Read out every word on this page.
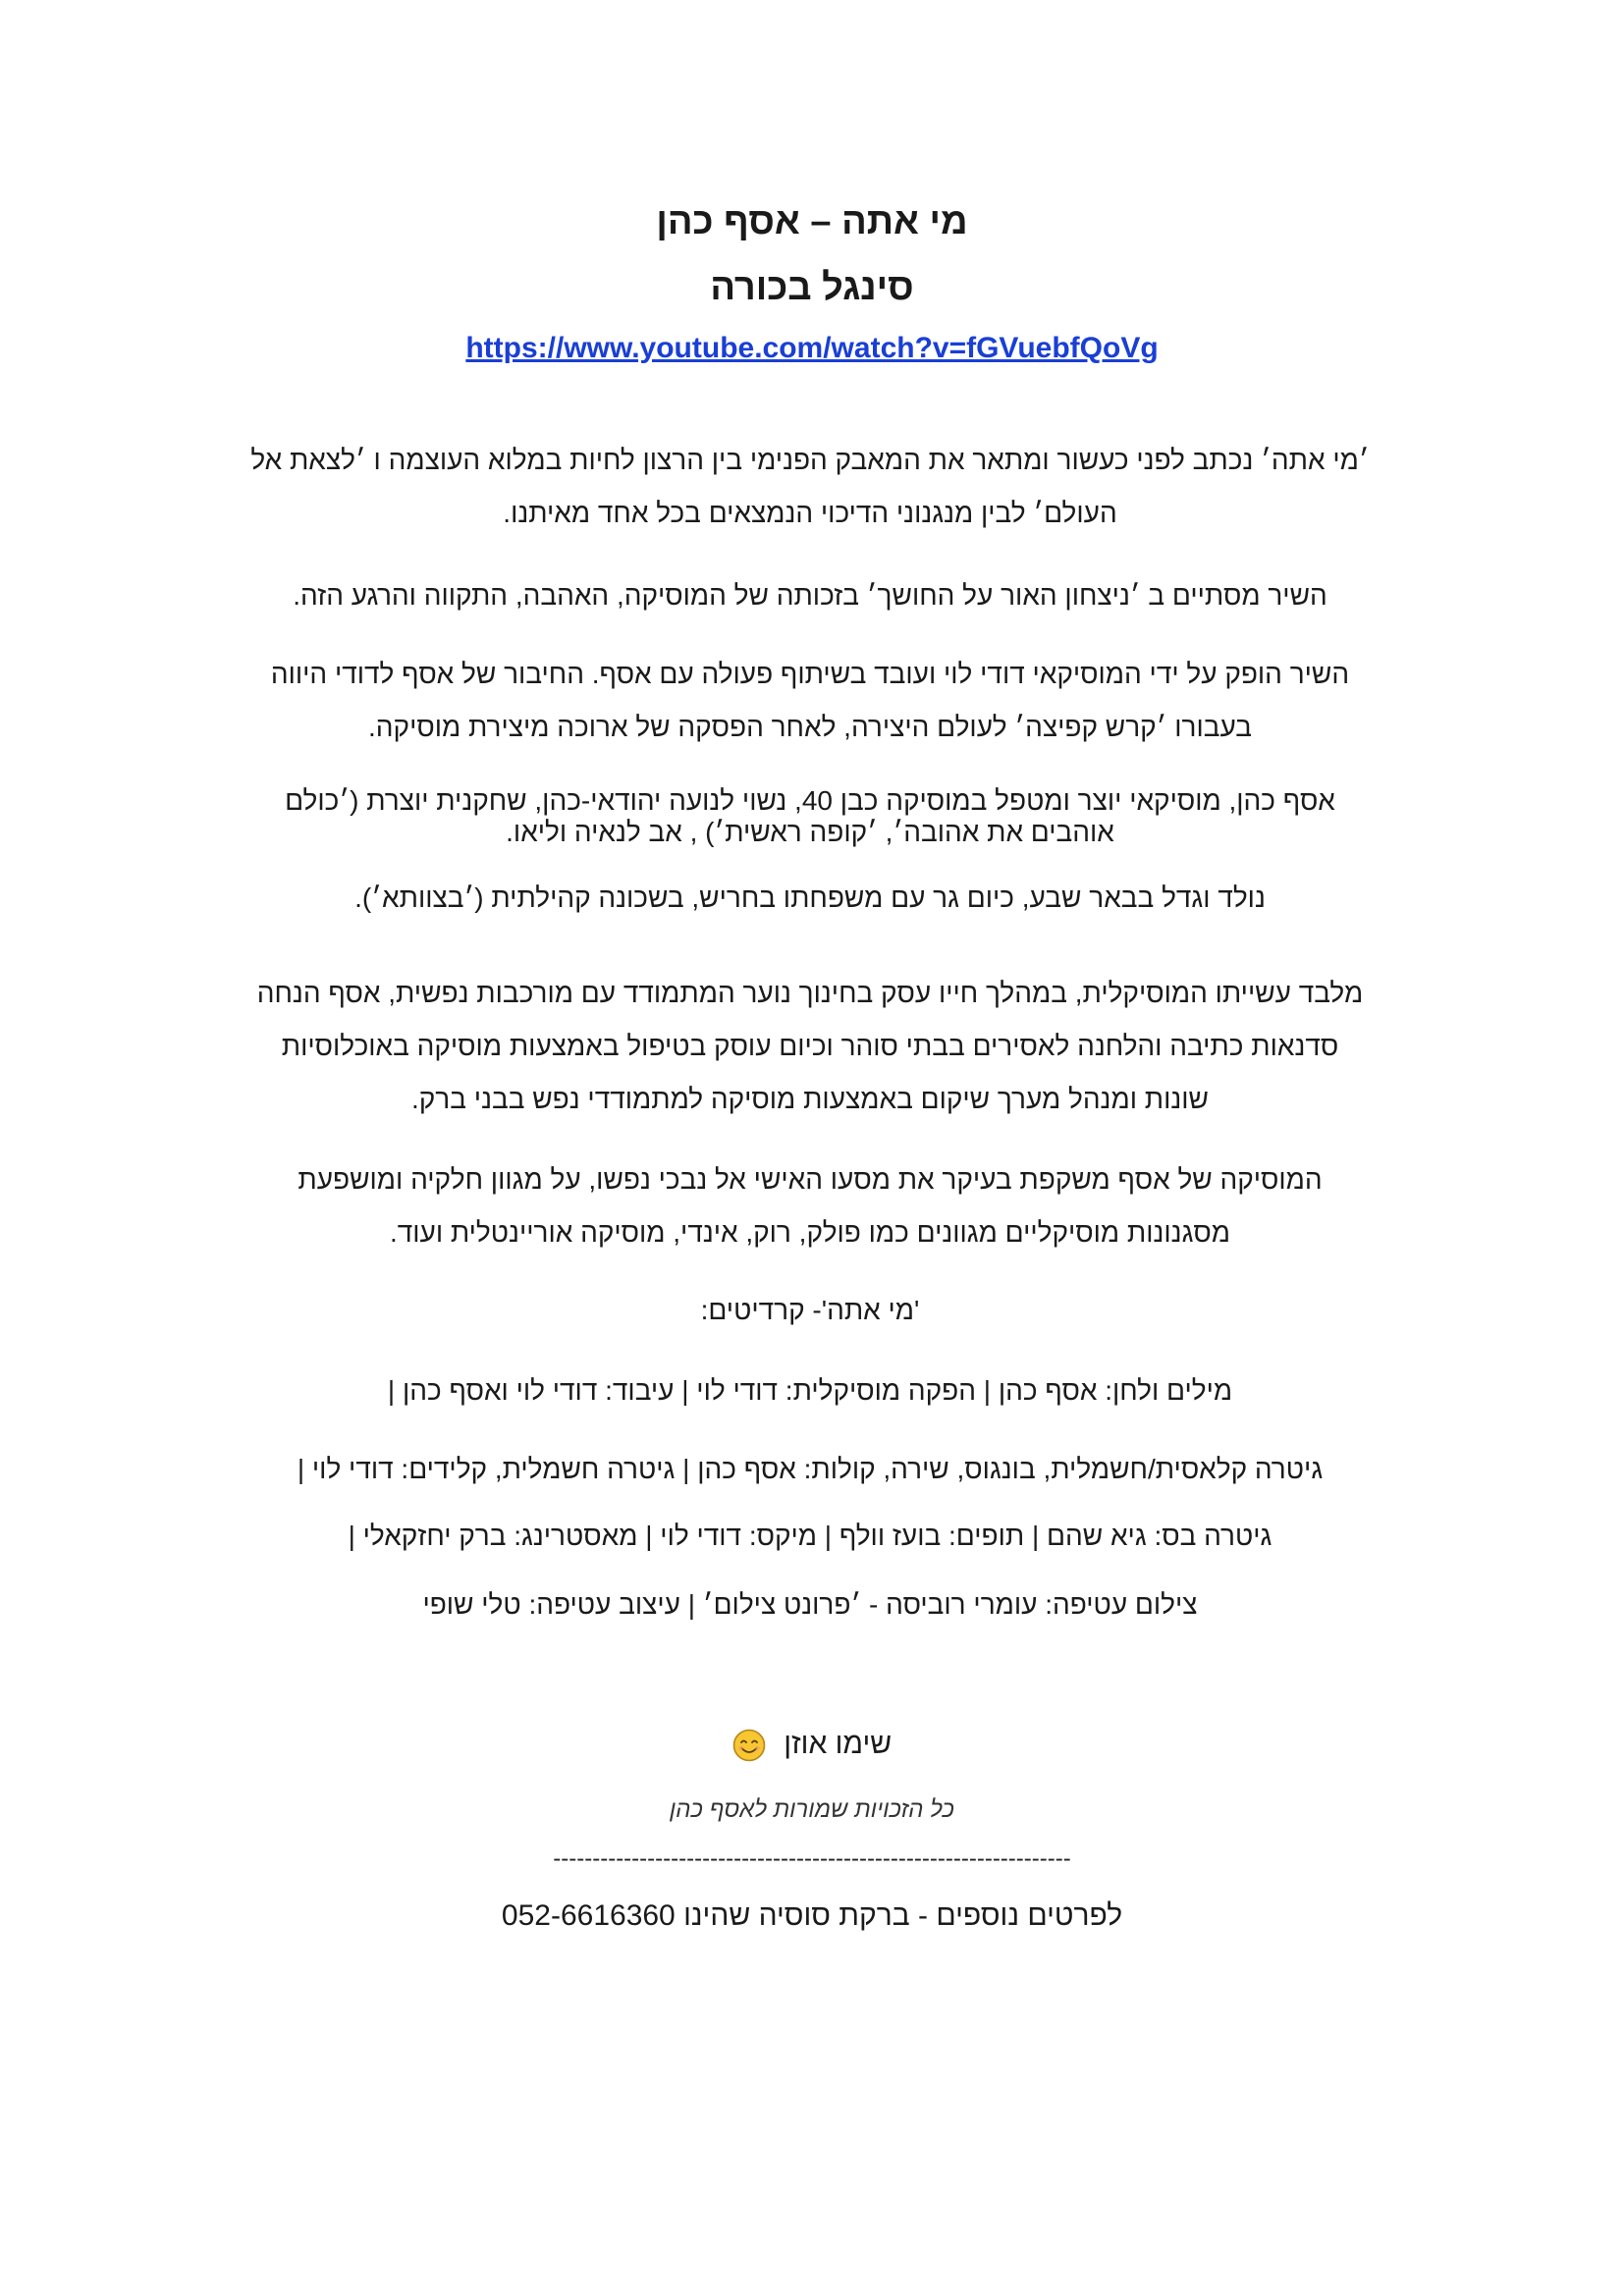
מי אתה – אסף כהן
סינגל בכורה
https://www.youtube.com/watch?v=fGVuebfQoVg

׳מי אתה׳ נכתב לפני כעשור ומתאר את המאבק הפנימי בין הרצון לחיות במלוא העוצמה ו ׳לצאת אל
העולם׳ לבין מנגנוני הדיכוי הנמצאים בכל אחד מאיתנו.

השיר מסתיים ב ׳ניצחון האור על החושך׳ בזכותה של המוסיקה, האהבה, התקווה והרגע הזה.

השיר הופק על ידי המוסיקאי דודי לוי ועובד בשיתוף פעולה עם אסף. החיבור של אסף לדודי היווה
בעבורו ׳קרש קפיצה׳ לעולם היצירה, לאחר הפסקה של ארוכה מיצירת מוסיקה.

אסף כהן, מוסיקאי יוצר ומטפל במוסיקה כבן 40, נשוי לנועה יהודאי-כהן, שחקנית יוצרת (׳כולם
אוהבים את אהובה׳, ׳קופה ראשית׳) , אב לנאיה וליאו.

נולד וגדל בבאר שבע, כיום גר עם משפחתו בחריש, בשכונה קהילתית (׳בצוותא׳).

מלבד עשייתו המוסיקלית, במהלך חייו עסק בחינוך נוער המתמודד עם מורכבות נפשית, אסף הנחה
סדנאות כתיבה והלחנה לאסירים בבתי סוהר וכיום עוסק בטיפול באמצעות מוסיקה באוכלוסיות
שונות ומנהל מערך שיקום באמצעות מוסיקה למתמודדי נפש בבני ברק.

המוסיקה של אסף משקפת בעיקר את מסעו האישי אל נבכי נפשו, על מגוון חלקיה ומושפעת
מסגנונות מוסיקליים מגוונים כמו פולק, רוק, אינדי, מוסיקה אוריינטלית ועוד.

'מי אתה'- קרדיטים:

מילים ולחן: אסף כהן | הפקה מוסיקלית: דודי לוי | עיבוד: דודי לוי ואסף כהן |

גיטרה קלאסית/חשמלית, בונגוס, שירה, קולות: אסף כהן | גיטרה חשמלית, קלידים: דודי לוי |

גיטרה בס: גיא שהם | תופים: בועז וולף | מיקס: דודי לוי | מאסטרינג: ברק יחזקאלי |

צילום עטיפה: עומרי רוביסה - ׳פרונט צילום׳ | עיצוב עטיפה: טלי שופי

שימו אוזן
כל הזכויות שמורות לאסף כהן
------------------------------------------------------------------
לפרטים נוספים - ברקת סוסיה שהינו 052-6616360
